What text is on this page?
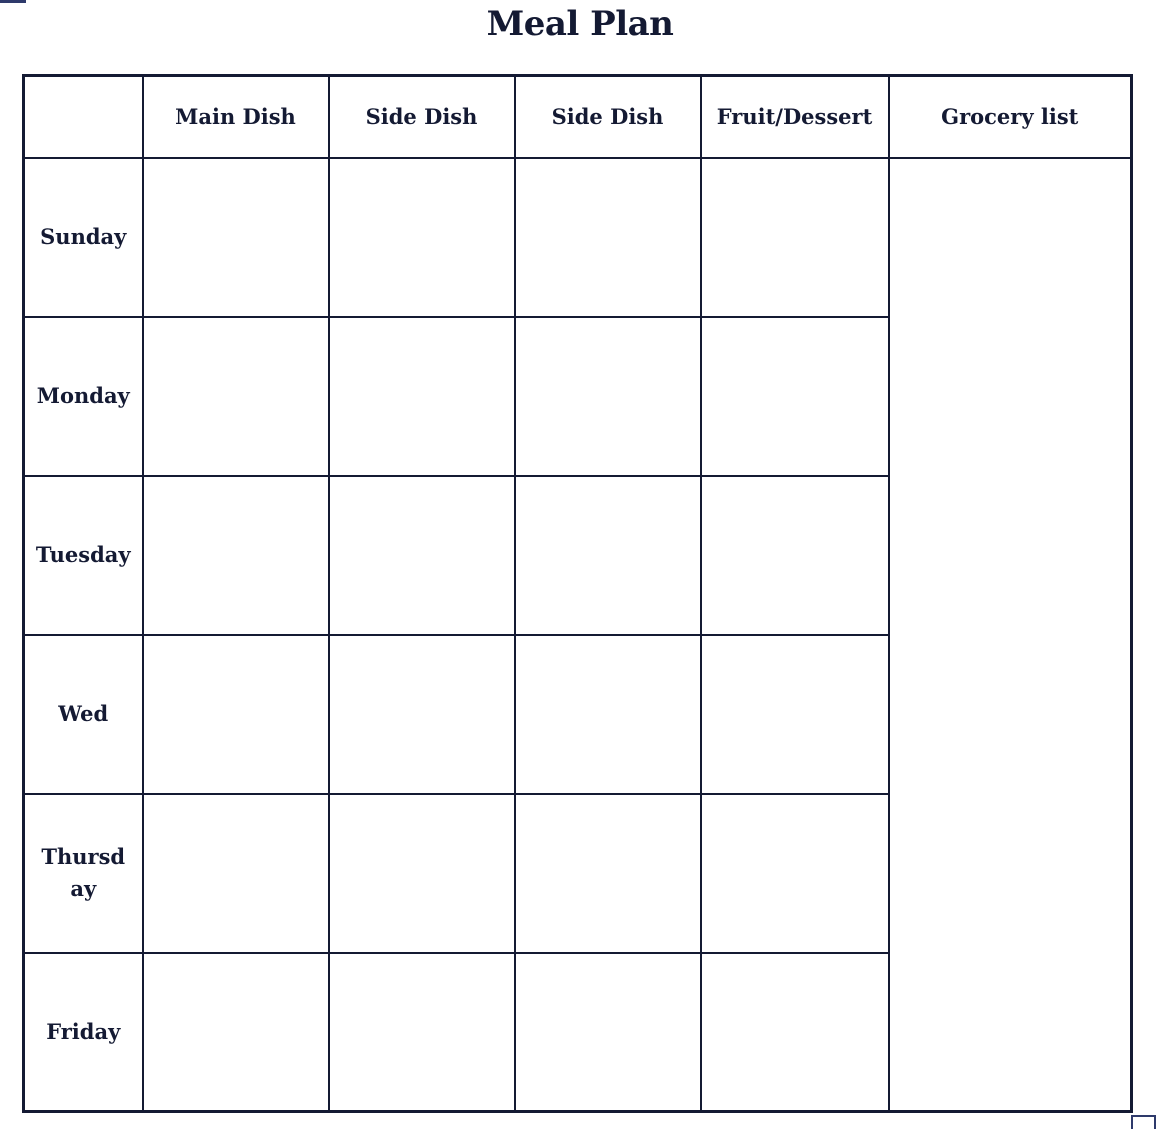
Meal Plan
	Main Dish	Side Dish	Side Dish	Fruit/Dessert	Grocery list
Sunday					
Monday					
Tuesday					
Wed					
Thursday					
Friday					
